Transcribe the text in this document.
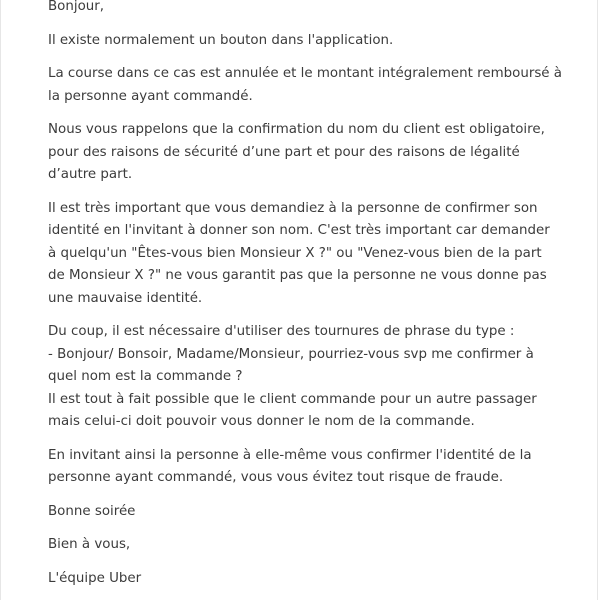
Bonjour,

Il existe normalement un bouton dans l'application.

La course dans ce cas est annulée et le montant intégralement remboursé à
la personne ayant commandé.

Nous vous rappelons que la confirmation du nom du client est obligatoire,
pour des raisons de sécurité d’une part et pour des raisons de légalité
d’autre part.

Il est très important que vous demandiez à la personne de confirmer son
identité en l'invitant à donner son nom. C'est très important car demander
à quelqu'un "Êtes-vous bien Monsieur X ?" ou "Venez-vous bien de la part
de Monsieur X ?" ne vous garantit pas que la personne ne vous donne pas
une mauvaise identité.

Du coup, il est nécessaire d'utiliser des tournures de phrase du type :
- Bonjour/ Bonsoir, Madame/Monsieur, pourriez-vous svp me confirmer à
quel nom est la commande ?
Il est tout à fait possible que le client commande pour un autre passager
mais celui-ci doit pouvoir vous donner le nom de la commande.

En invitant ainsi la personne à elle-même vous confirmer l'identité de la
personne ayant commandé, vous vous évitez tout risque de fraude.

Bonne soirée

Bien à vous,

L'équipe Uber
